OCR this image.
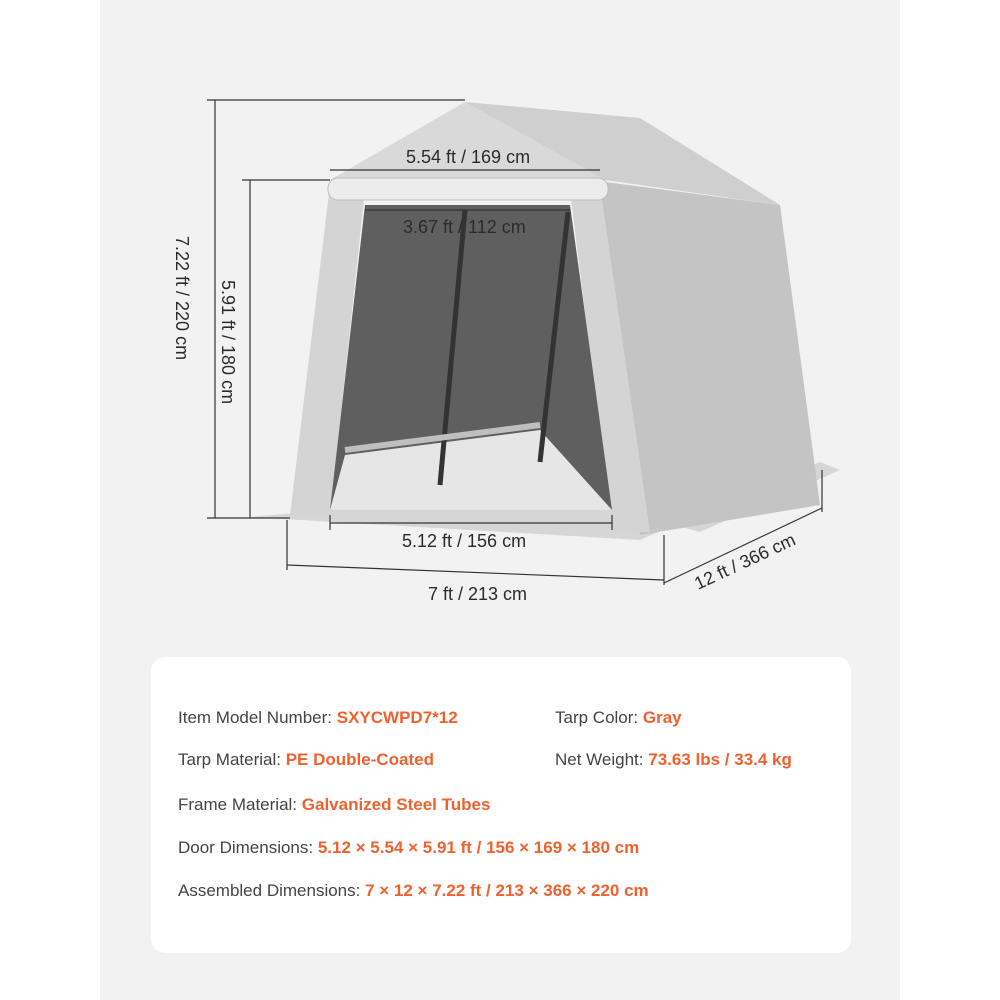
5.54 ft / 169 cm
3.67 ft / 112 cm
5.12 ft / 156 cm
7 ft / 213 cm
7.22 ft / 220 cm 5.91 ft / 180 cm
12 ft / 366 cm
Item Model Number: SXYCWPD7*12	Tarp Color: Gray
Tarp Material: PE Double-Coated	Net Weight: 73.63 lbs / 33.4 kg
Frame Material: Galvanized Steel Tubes
Door Dimensions: 5.12 × 5.54 × 5.91 ft / 156 × 169 × 180 cm
Assembled Dimensions: 7 × 12 × 7.22 ft / 213 × 366 × 220 cm
